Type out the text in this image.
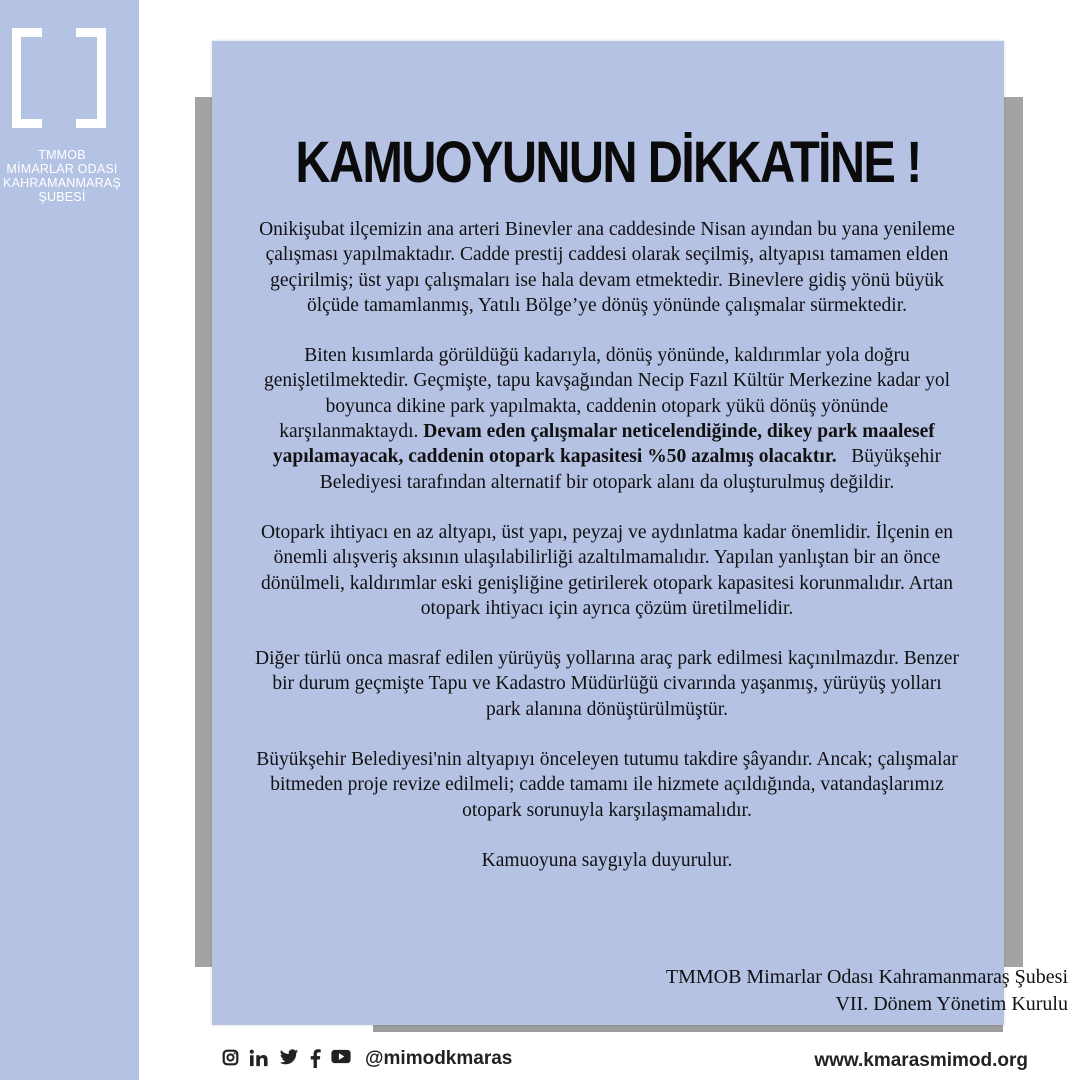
TMMOB
MİMARLAR ODASI
KAHRAMANMARAŞ
ŞUBESİ
KAMUOYUNUN DİKKATİNE !

Onikişubat ilçemizin ana arteri Binevler ana caddesinde Nisan ayından bu yana yenileme çalışması yapılmaktadır. Cadde prestij caddesi olarak seçilmiş, altyapısı tamamen elden geçirilmiş; üst yapı çalışmaları ise hala devam etmektedir. Binevlere gidiş yönü büyük ölçüde tamamlanmış, Yatılı Bölge’ye dönüş yönünde çalışmalar sürmektedir.

Biten kısımlarda görüldüğü kadarıyla, dönüş yönünde, kaldırımlar yola doğru genişletilmektedir. Geçmişte, tapu kavşağından Necip Fazıl Kültür Merkezine kadar yol boyunca dikine park yapılmakta, caddenin otopark yükü dönüş yönünde karşılanmaktaydı. Devam eden çalışmalar neticelendiğinde, dikey park maalesef yapılamayacak, caddenin otopark kapasitesi %50 azalmış olacaktır. Büyükşehir Belediyesi tarafından alternatif bir otopark alanı da oluşturulmuş değildir.

Otopark ihtiyacı en az altyapı, üst yapı, peyzaj ve aydınlatma kadar önemlidir. İlçenin en önemli alışveriş aksının ulaşılabilirliği azaltılmamalıdır. Yapılan yanlıştan bir an önce dönülmeli, kaldırımlar eski genişliğine getirilerek otopark kapasitesi korunmalıdır. Artan otopark ihtiyacı için ayrıca çözüm üretilmelidir.

Diğer türlü onca masraf edilen yürüyüş yollarına araç park edilmesi kaçınılmazdır. Benzer bir durum geçmişte Tapu ve Kadastro Müdürlüğü civarında yaşanmış, yürüyüş yolları park alanına dönüştürülmüştür.

Büyükşehir Belediyesi'nin altyapıyı önceleyen tutumu takdire şâyandır. Ancak; çalışmalar bitmeden proje revize edilmeli; cadde tamamı ile hizmete açıldığında, vatandaşlarımız otopark sorunuyla karşılaşmamalıdır.

Kamuoyuna saygıyla duyurulur.

TMMOB Mimarlar Odası Kahramanmaraş Şubesi
VII. Dönem Yönetim Kurulu
@mimodkmaras	www.kmarasmimod.org
